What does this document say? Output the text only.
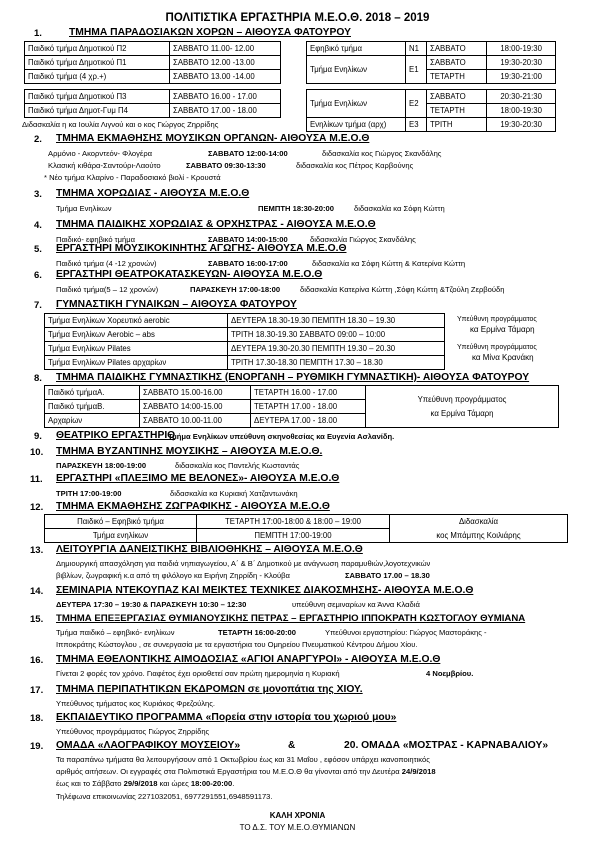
ΠΟΛΙΤΙΣΤΙΚΑ ΕΡΓΑΣΤΗΡΙΑ Μ.Ε.Ο.Θ. 2018 – 2019
1.	ΤΜΗΜΑ ΠΑΡΑΔΟΣΙΑΚΩΝ ΧΟΡΩΝ – ΑΙΘΟΥΣΑ ΦΑΤΟΥΡΟΥ
Παιδικό τμήμα Δημοτικού Π2	ΣΑΒΒΑΤΟ 11.00- 12.00
Παιδικό τμήμα Δημοτικού Π1	ΣΑΒΒΑΤΟ 12.00 -13.00
Παιδικό τμήμα (4 χρ.+)	ΣΑΒΒΑΤΟ 13.00 -14.00

Παιδικό τμήμα Δημοτικού Π3	ΣΑΒΒΑΤΟ 16.00 - 17.00
Παιδικό τμήμα Δημοτ-Γυμ Π4	ΣΑΒΒΑΤΟ 17.00 - 18.00
Εφηβικό τμήμα	Ν1	ΣΑΒΒΑΤΟ	18:00-19:30
Τμήμα Ενηλίκων	Ε1	ΣΑΒΒΑΤΟ	19:30-20:30
		ΤΕΤΑΡΤΗ	19:30-21:00

Τμήμα Ενηλίκων	Ε2	ΣΑΒΒΑΤΟ	20:30-21:30
		ΤΕΤΑΡΤΗ	18:00-19:30
Ενηλίκων τμήμα (αρχ)	Ε3	ΤΡΙΤΗ	19:30-20:30
Διδασκαλία η κα Ιουλία Λιγνού και ο κος Γιώργος Ζηρρίδης
2. ΤΜΗΜΑ ΕΚΜΑΘΗΣΗΣ ΜΟΥΣΙΚΩΝ ΟΡΓΑΝΩΝ- ΑΙΘΟΥΣΑ Μ.Ε.Ο.Θ
Αρμόνιο - Ακορντεόν- Φλογέρα	ΣΑΒΒΑΤΟ 12:00-14:00	διδασκαλία κος Γιώργος Σκανδάλης
Κλασική κιθάρα-Σαντούρι-Λαούτο	ΣΑΒΒΑΤΟ 09:30-13:30	διδασκαλία κος Πέτρος Καρβούνης
* Νέο τμήμα Κλαρίνο - Παραδοσιακό βιολί - Κρουστά
3. ΤΜΗΜΑ ΧΟΡΩΔΙΑΣ - ΑΙΘΟΥΣΑ Μ.Ε.Ο.Θ
Τμήμα Ενηλίκων	ΠΕΜΠΤΗ 18:30-20:00	διδασκαλία κα Σόφη Κώττη
4. ΤΜΗΜΑ ΠΑΙΔΙΚΗΣ ΧΟΡΩΔΙΑΣ & ΟΡΧΗΣΤΡΑΣ - ΑΙΘΟΥΣΑ Μ.Ε.Ο.Θ
Παιδικό- εφηβικό τμήμα	ΣΑΒΒΑΤΟ 14:00-15:00	διδασκαλία Γιώργος Σκανδάλης
5. ΕΡΓΑΣΤΗΡΙ ΜΟΥΣΙΚΟΚΙΝΗΤΗΣ ΑΓΩΓΗΣ- ΑΙΘΟΥΣΑ Μ.Ε.Ο.Θ
Παιδικό τμήμα (4 -12 χρονών)	ΣΑΒΒΑΤΟ 16:00-17:00	διδασκαλία κα Σόφη Κώττη & Κατερίνα Κώττη
6. ΕΡΓΑΣΤΗΡΙ ΘΕΑΤΡΟΚΑΤΑΣΚΕΥΩΝ- ΑΙΘΟΥΣΑ Μ.Ε.Ο.Θ
Παιδικό τμήμα(5 – 12 χρονών)	ΠΑΡΑΣΚΕΥΗ 17:00-18:00	διδασκαλία Κατερίνα Κώττη ,Σόφη Κώττη &Τζούλη Ζερβούδη
7. ΓΥΜΝΑΣΤΙΚΗ ΓΥΝΑΙΚΩΝ – ΑΙΘΟΥΣΑ ΦΑΤΟΥΡΟΥ
Τμήμα Ενηλίκων Χορευτικό aerobic	ΔΕΥΤΕΡΑ 18.30-19.30 ΠΕΜΠΤΗ 18.30 – 19.30
Τμήμα Ενηλίκων Aerobic – abs	ΤΡΙΤΗ 18.30-19.30 ΣΑΒΒΑΤΟ 09:00 – 10:00
Τμήμα Ενηλίκων Pilates	ΔΕΥΤΕΡΑ 19.30-20.30 ΠΕΜΠΤΗ 19.30 – 20.30
Τμήμα Ενηλίκων Pilates αρχαρίων	ΤΡΙΤΗ 17.30-18.30 ΠΕΜΠΤΗ 17.30 – 18.30
Υπεύθυνη προγράμματος
κα Ερμίνα Τάμαρη
Υπεύθυνη προγράμματος
κα Μίνα Κρανάκη
8. ΤΜΗΜΑ ΠΑΙΔΙΚΗΣ ΓΥΜΝΑΣΤΙΚΗΣ (ΕΝΟΡΓΑΝΗ – ΡΥΘΜΙΚΗ ΓΥΜΝΑΣΤΙΚΗ)- ΑΙΘΟΥΣΑ ΦΑΤΟΥΡΟΥ
Παιδικό τμήμαΑ.	ΣΑΒΒΑΤΟ 15.00-16.00	ΤΕΤΑΡΤΗ 16.00 - 17.00	Υπεύθυνη προγράμματος
κα Ερμίνα Τάμαρη

Παιδικό τμήμαΒ.	ΣΑΒΒΑΤΟ 14:00-15.00	ΤΕΤΑΡΤΗ 17.00 - 18.00	
Αρχαρίων	ΣΑΒΒΑΤΟ 10.00-11.00	ΔΕΥΤΕΡΑ 17.00 - 18.00	
9. ΘΕΑΤΡΙΚΟ ΕΡΓΑΣΤΗΡΙΟ
Τμήμα Ενηλίκων υπεύθυνη σκηνοθεσίας κα Ευγενία Ασλανίδη.
10. ΤΜΗΜΑ ΒΥΖΑΝΤΙΝΗΣ ΜΟΥΣΙΚΗΣ – ΑΙΘΟΥΣΑ Μ.Ε.Ο.Θ.
ΠΑΡΑΣΚΕΥΗ 18:00-19:00	διδασκαλία κος Παντελής Κωσταντάς
11. ΕΡΓΑΣΤΗΡΙ «ΠΛΕΞΙΜΟ ΜΕ ΒΕΛΟΝΕΣ»- ΑΙΘΟΥΣΑ Μ.Ε.Ο.Θ
ΤΡΙΤΗ 17:00-19:00	διδασκαλία κα Κυριακή Χατζαντωνάκη
12. ΤΜΗΜΑ ΕΚΜΑΘΗΣΗΣ ΖΩΓΡΑΦΙΚΗΣ - ΑΙΘΟΥΣΑ Μ.Ε.Ο.Θ
Παιδικό – Εφηβικό τμήμα	ΤΕΤΑΡΤΗ 17:00-18:00 & 18:00 – 19:00	Διδασκαλία
κος Μπάμπης Κοιλιάρης

Τμήμα ενηλίκων	ΠΕΜΠΤΗ 17:00-19:00	
13. ΛΕΙΤΟΥΡΓΙΑ ΔΑΝΕΙΣΤΙΚΗΣ ΒΙΒΛΙΟΘΗΚΗΣ – ΑΙΘΟΥΣΑ Μ.Ε.Ο.Θ
Δημιουργική απασχόληση για παιδιά νηπιαγωγείου, Α΄ & Β΄ Δημοτικού με ανάγνωση παραμυθιών,λογοτεχνικών
βιβλίων, ζωγραφική κ.α από τη φιλόλογο κα Ειρήνη Ζηρρίδη - Κλούβα	ΣΑΒΒΑΤΟ 17.00 – 18.30
14. ΣΕΜΙΝΑΡΙΑ ΝΤΕΚΟΥΠΑΖ ΚΑΙ ΜΕΙΚΤΕΣ ΤΕΧΝΙΚΕΣ ΔΙΑΚΟΣΜΗΣΗΣ- ΑΙΘΟΥΣΑ Μ.Ε.Ο.Θ
ΔΕΥΤΕΡΑ 17:30 – 19:30 & ΠΑΡΑΣΚΕΥΗ 10:30 – 12:30	υπεύθυνη σεμιναρίων κα Άννα Κλαδιά
15. ΤΜΗΜΑ ΕΠΕΞΕΡΓΑΣΙΑΣ ΘΥΜΙΑΝΟΥΣΙΚΗΣ ΠΕΤΡΑΣ – ΕΡΓΑΣΤΗΡΙΟ ΙΠΠΟΚΡΑΤΗ ΚΩΣΤΟΓΛΟΥ ΘΥΜΙΑΝΑ
Τμήμα παιδικό – εφηβικό- ενηλίκων	ΤΕΤΑΡΤΗ 16:00-20:00	Υπεύθυνοι εργαστηρίου: Γιώργος Μαστοράκης -
Ιπποκράτης Κώστογλου , σε συνεργασία με τα εργαστήρια του Ομηρείου Πνευματικού Κέντρου Δήμου Χίου.
16. ΤΜΗΜΑ ΕΘΕΛΟΝΤΙΚΗΣ ΑΙΜΟΔΟΣΙΑΣ «ΑΓΙΟΙ ΑΝΑΡΓΥΡΟΙ» - ΑΙΘΟΥΣΑ Μ.Ε.Ο.Θ
Γίνεται 2 φορές τον χρόνο. Γιαφέτος έχει οριοθετεί σαν πρώτη ημερομηνία η Κυριακή	4 Νοεμβρίου.
17. ΤΜΗΜΑ ΠΕΡΙΠΑΤΗΤΙΚΩΝ ΕΚΔΡΟΜΩΝ σε μονοπάτια της ΧΙΟΥ.
Υπεύθυνος τμήματος κος Κυριάκος Φρεζούλης.
18. ΕΚΠΑΙΔΕΥΤΙΚΟ ΠΡΟΓΡΑΜΜΑ «Πορεία στην ιστορία του χωριού μου»
Υπεύθυνος προγράμματος Γιώργος Ζηρρίδης
19. ΟΜΑΔΑ «ΛΑΟΓΡΑΦΙΚΟΥ ΜΟΥΣΕΙΟΥ»	&	20. ΟΜΑΔΑ «ΜΟΣΤΡΑΣ - ΚΑΡΝΑΒΑΛΙΟΥ»
Τα παραπάνω τμήματα θα λειτουργήσουν από 1 Οκτωβρίου έως και 31 Μαΐου , εφόσον υπάρχει ικανοποιητικός
αριθμός αιτήσεων. Οι εγγραφές στα Πολιτιστικά Εργαστήρια του Μ.Ε.Ο.Θ θα γίνονται από την Δευτέρα 24/9/2018
έως και το Σάββατο 29/9/2018 και ώρες 18:00-20:00.
Τηλέφωνα επικοινωνίας 2271032051, 6977291551,6948591173.
ΚΑΛΗ ΧΡΟΝΙΑ
ΤΟ Δ.Σ. ΤΟΥ Μ.Ε.Ο.ΘΥΜΙΑΝΩΝ
